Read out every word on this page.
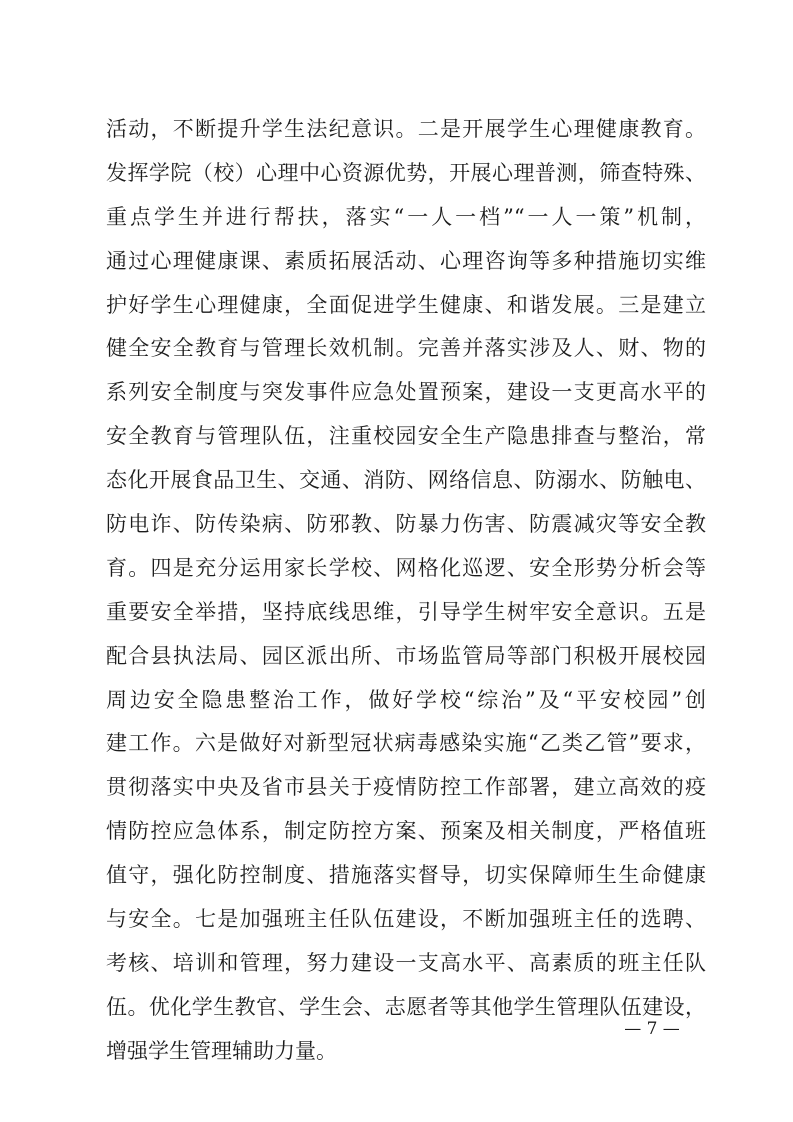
活动，不断提升学生法纪意识。二是开展学生心理健康教育。
发挥学院（校）心理中心资源优势，开展心理普测，筛查特殊、
重点学生并进行帮扶，落实“一人一档”“一人一策”机制，
通过心理健康课、素质拓展活动、心理咨询等多种措施切实维
护好学生心理健康，全面促进学生健康、和谐发展。三是建立
健全安全教育与管理长效机制。完善并落实涉及人、财、物的
系列安全制度与突发事件应急处置预案，建设一支更高水平的
安全教育与管理队伍，注重校园安全生产隐患排查与整治，常
态化开展食品卫生、交通、消防、网络信息、防溺水、防触电、
防电诈、防传染病、防邪教、防暴力伤害、防震减灾等安全教
育。四是充分运用家长学校、网格化巡逻、安全形势分析会等
重要安全举措，坚持底线思维，引导学生树牢安全意识。五是
配合县执法局、园区派出所、市场监管局等部门积极开展校园
周边安全隐患整治工作，做好学校“综治”及“平安校园”创
建工作。六是做好对新型冠状病毒感染实施“乙类乙管”要求，
贯彻落实中央及省市县关于疫情防控工作部署，建立高效的疫
情防控应急体系，制定防控方案、预案及相关制度，严格值班
值守，强化防控制度、措施落实督导，切实保障师生生命健康
与安全。七是加强班主任队伍建设，不断加强班主任的选聘、
考核、培训和管理，努力建设一支高水平、高素质的班主任队
伍。优化学生教官、学生会、志愿者等其他学生管理队伍建设，
增强学生管理辅助力量。
— 7 —
